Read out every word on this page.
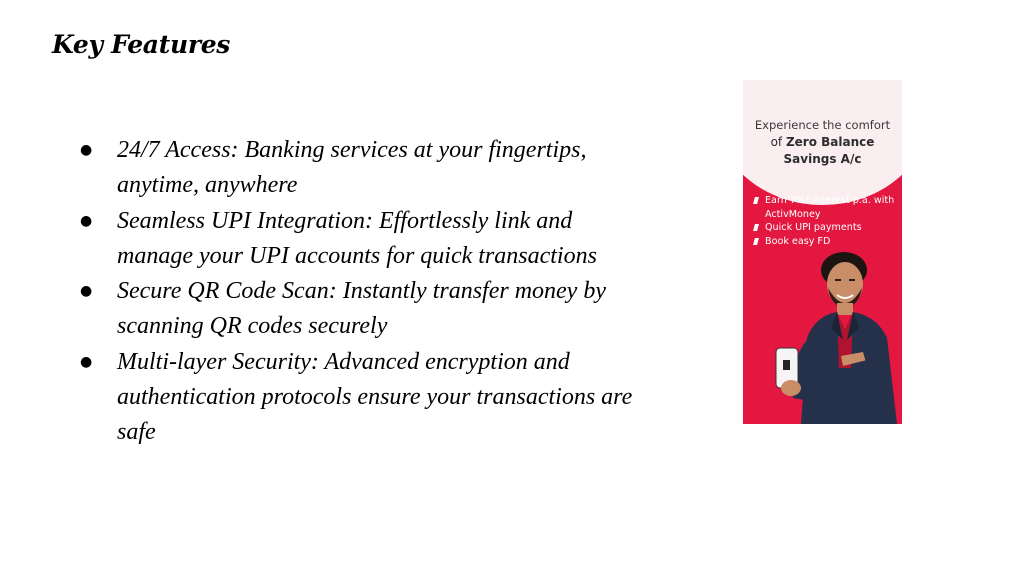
Key Features
● 24/7 Access: Banking services at your fingertips, anytime, anywhere
● Seamless UPI Integration: Effortlessly link and manage your UPI accounts for quick transactions
● Secure QR Code Scan: Instantly transfer money by scanning QR codes securely
● Multi-layer Security: Advanced encryption and authentication protocols ensure your transactions are safe
Experience the comfort
of Zero Balance
Savings A/c
Earn 7%* interest p.a. with
ActivMoney
Quick UPI payments
Book easy FD
